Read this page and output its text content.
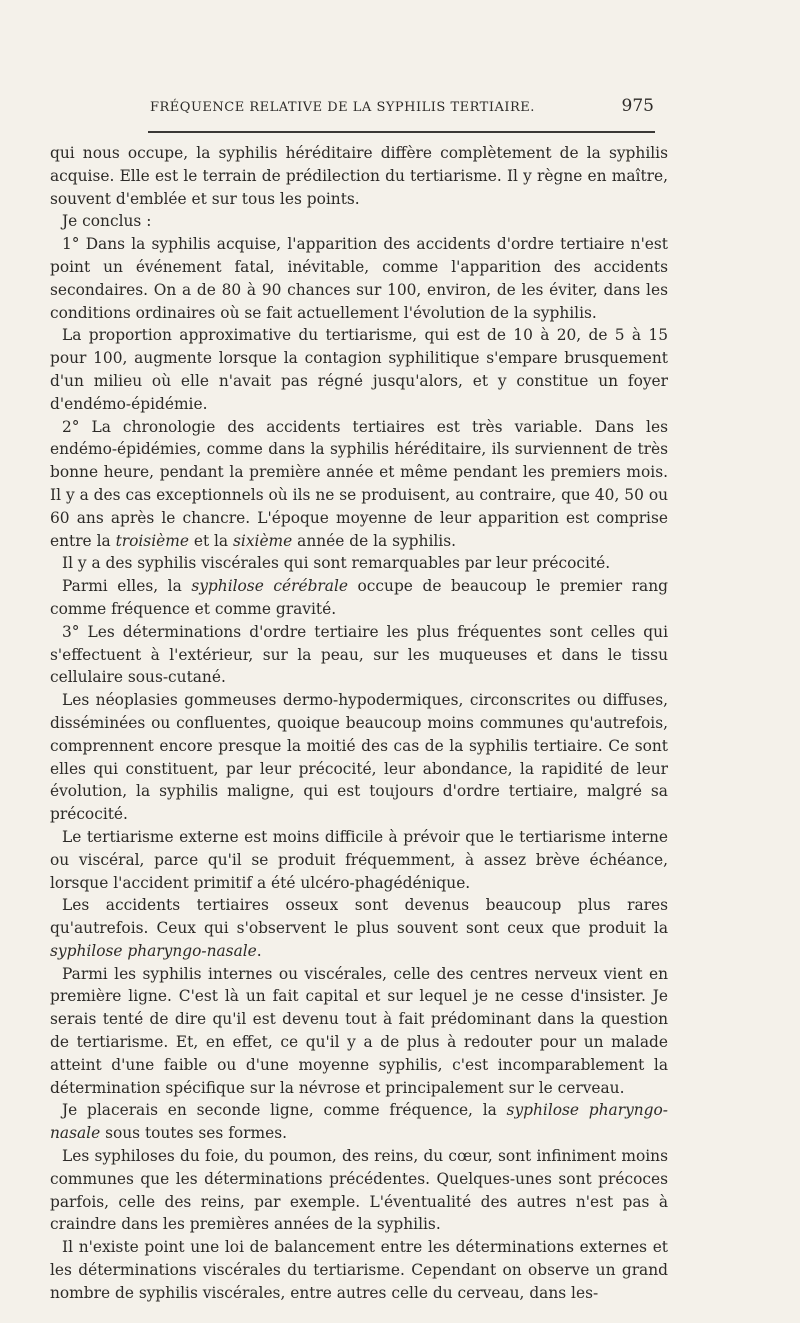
FRÉQUENCE RELATIVE DE LA SYPHILIS TERTIAIRE.	975

qui nous occupe, la syphilis héréditaire diffère complètement de la syphilis acquise. Elle est le terrain de prédilection du tertiarisme. Il y règne en maître, souvent d'emblée et sur tous les points.

Je conclus :

1° Dans la syphilis acquise, l'apparition des accidents d'ordre tertiaire n'est point un événement fatal, inévitable, comme l'apparition des accidents secondaires. On a de 80 à 90 chances sur 100, environ, de les éviter, dans les conditions ordinaires où se fait actuellement l'évolution de la syphilis.

La proportion approximative du tertiarisme, qui est de 10 à 20, de 5 à 15 pour 100, augmente lorsque la contagion syphilitique s'empare brusquement d'un milieu où elle n'avait pas régné jusqu'alors, et y constitue un foyer d'endémo-épidémie.

2° La chronologie des accidents tertiaires est très variable. Dans les endémo-épidémies, comme dans la syphilis héréditaire, ils surviennent de très bonne heure, pendant la première année et même pendant les premiers mois. Il y a des cas exceptionnels où ils ne se produisent, au contraire, que 40, 50 ou 60 ans après le chancre. L'époque moyenne de leur apparition est comprise entre la troisième et la sixième année de la syphilis.

Il y a des syphilis viscérales qui sont remarquables par leur précocité.

Parmi elles, la syphilose cérébrale occupe de beaucoup le premier rang comme fréquence et comme gravité.

3° Les déterminations d'ordre tertiaire les plus fréquentes sont celles qui s'effectuent à l'extérieur, sur la peau, sur les muqueuses et dans le tissu cellulaire sous-cutané.

Les néoplasies gommeuses dermo-hypodermiques, circonscrites ou diffuses, disséminées ou confluentes, quoique beaucoup moins communes qu'autrefois, comprennent encore presque la moitié des cas de la syphilis tertiaire. Ce sont elles qui constituent, par leur précocité, leur abondance, la rapidité de leur évolution, la syphilis maligne, qui est toujours d'ordre tertiaire, malgré sa précocité.

Le tertiarisme externe est moins difficile à prévoir que le tertiarisme interne ou viscéral, parce qu'il se produit fréquemment, à assez brève échéance, lorsque l'accident primitif a été ulcéro-phagédénique.

Les accidents tertiaires osseux sont devenus beaucoup plus rares qu'autrefois. Ceux qui s'observent le plus souvent sont ceux que produit la syphilose pharyngo-nasale.

Parmi les syphilis internes ou viscérales, celle des centres nerveux vient en première ligne. C'est là un fait capital et sur lequel je ne cesse d'insister. Je serais tenté de dire qu'il est devenu tout à fait prédominant dans la question de tertiarisme. Et, en effet, ce qu'il y a de plus à redouter pour un malade atteint d'une faible ou d'une moyenne syphilis, c'est incomparablement la détermination spécifique sur la névrose et principalement sur le cerveau.

Je placerais en seconde ligne, comme fréquence, la syphilose pharyngo-nasale sous toutes ses formes.

Les syphiloses du foie, du poumon, des reins, du cœur, sont infiniment moins communes que les déterminations précédentes. Quelques-unes sont précoces parfois, celle des reins, par exemple. L'éventualité des autres n'est pas à craindre dans les premières années de la syphilis.

Il n'existe point une loi de balancement entre les déterminations externes et les déterminations viscérales du tertiarisme. Cependant on observe un grand nombre de syphilis viscérales, entre autres celle du cerveau, dans les-
